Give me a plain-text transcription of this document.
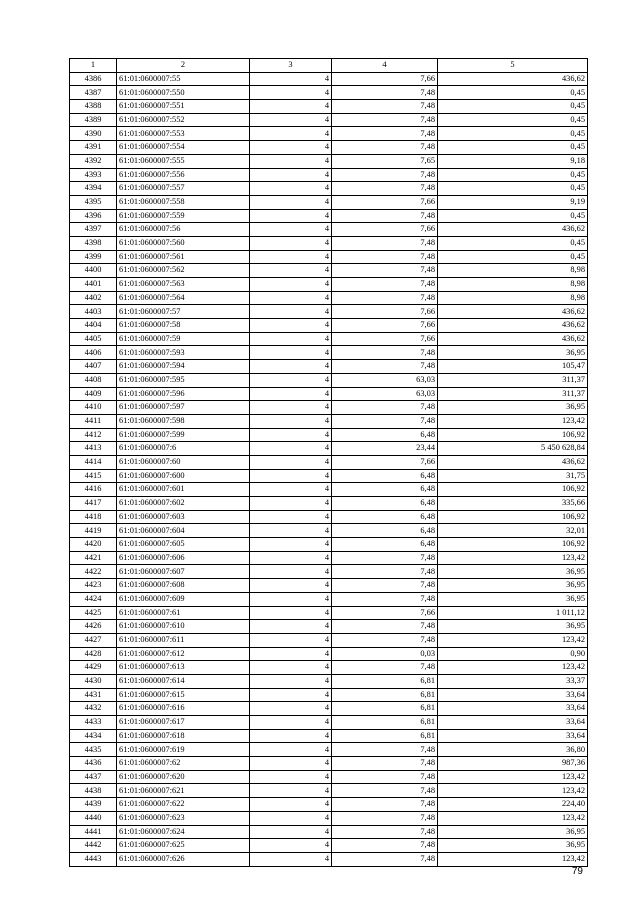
1	2	3	4	5
4386	61:01:0600007:55	4	7,66	436,62
4387	61:01:0600007:550	4	7,48	0,45
4388	61:01:0600007:551	4	7,48	0,45
4389	61:01:0600007:552	4	7,48	0,45
4390	61:01:0600007:553	4	7,48	0,45
4391	61:01:0600007:554	4	7,48	0,45
4392	61:01:0600007:555	4	7,65	9,18
4393	61:01:0600007:556	4	7,48	0,45
4394	61:01:0600007:557	4	7,48	0,45
4395	61:01:0600007:558	4	7,66	9,19
4396	61:01:0600007:559	4	7,48	0,45
4397	61:01:0600007:56	4	7,66	436,62
4398	61:01:0600007:560	4	7,48	0,45
4399	61:01:0600007:561	4	7,48	0,45
4400	61:01:0600007:562	4	7,48	8,98
4401	61:01:0600007:563	4	7,48	8,98
4402	61:01:0600007:564	4	7,48	8,98
4403	61:01:0600007:57	4	7,66	436,62
4404	61:01:0600007:58	4	7,66	436,62
4405	61:01:0600007:59	4	7,66	436,62
4406	61:01:0600007:593	4	7,48	36,95
4407	61:01:0600007:594	4	7,48	105,47
4408	61:01:0600007:595	4	63,03	311,37
4409	61:01:0600007:596	4	63,03	311,37
4410	61:01:0600007:597	4	7,48	36,95
4411	61:01:0600007:598	4	7,48	123,42
4412	61:01:0600007:599	4	6,48	106,92
4413	61:01:0600007:6	4	23,44	5 450 628,84
4414	61:01:0600007:60	4	7,66	436,62
4415	61:01:0600007:600	4	6,48	31,75
4416	61:01:0600007:601	4	6,48	106,92
4417	61:01:0600007:602	4	6,48	335,66
4418	61:01:0600007:603	4	6,48	106,92
4419	61:01:0600007:604	4	6,48	32,01
4420	61:01:0600007:605	4	6,48	106,92
4421	61:01:0600007:606	4	7,48	123,42
4422	61:01:0600007:607	4	7,48	36,95
4423	61:01:0600007:608	4	7,48	36,95
4424	61:01:0600007:609	4	7,48	36,95
4425	61:01:0600007:61	4	7,66	1 011,12
4426	61:01:0600007:610	4	7,48	36,95
4427	61:01:0600007:611	4	7,48	123,42
4428	61:01:0600007:612	4	0,03	0,90
4429	61:01:0600007:613	4	7,48	123,42
4430	61:01:0600007:614	4	6,81	33,37
4431	61:01:0600007:615	4	6,81	33,64
4432	61:01:0600007:616	4	6,81	33,64
4433	61:01:0600007:617	4	6,81	33,64
4434	61:01:0600007:618	4	6,81	33,64
4435	61:01:0600007:619	4	7,48	36,80
4436	61:01:0600007:62	4	7,48	987,36
4437	61:01:0600007:620	4	7,48	123,42
4438	61:01:0600007:621	4	7,48	123,42
4439	61:01:0600007:622	4	7,48	224,40
4440	61:01:0600007:623	4	7,48	123,42
4441	61:01:0600007:624	4	7,48	36,95
4442	61:01:0600007:625	4	7,48	36,95
4443	61:01:0600007:626	4	7,48	123,42
79
